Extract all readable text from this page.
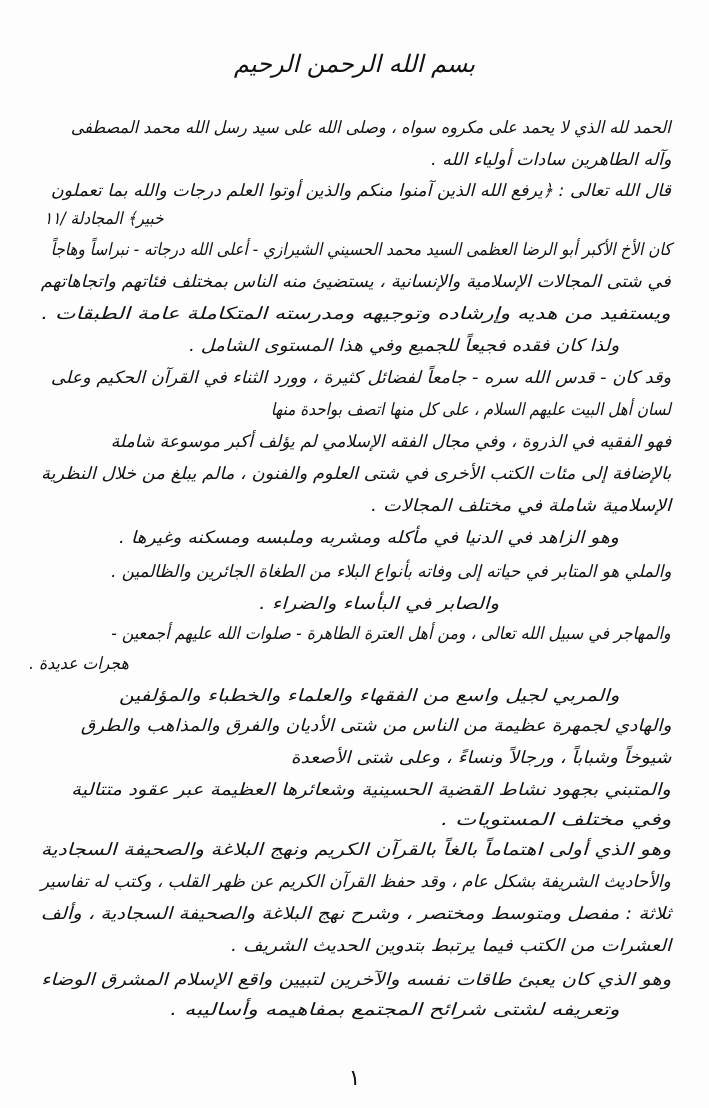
بسم الله الرحمن الرحيم
الحمد لله الذي لا يحمد على مكروه سواه ، وصلى الله على سيد رسل الله محمد المصطفى
وآله الطاهرين سادات أولياء الله .
قال الله تعالى : ﴿يرفع الله الذين آمنوا منكم والذين أوتوا العلم درجات والله بما تعملون
خبير﴾ المجادلة /١١
كان الأخ الأكبر أبو الرضا العظمى السيد محمد الحسيني الشيرازي - أعلى الله درجاته - نبراساً وهاجاً
في شتى المجالات الإسلامية والإنسانية ، يستضيئ منه الناس بمختلف فئاتهم واتجاهاتهم
ويستفيد من هديه وإرشاده وتوجيهه ومدرسته المتكاملة عامة الطبقات .
ولذا كان فقده فجيعاً للجميع وفي هذا المستوى الشامل .
وقد كان - قدس الله سره - جامعاً لفضائل كثيرة ، وورد الثناء في القرآن الحكيم وعلى
لسان أهل البيت عليهم السلام ، على كل منها اتصف بواحدة منها
فهو الفقيه في الذروة ، وفي مجال الفقه الإسلامي لم يؤلف أكبر موسوعة شاملة
بالإضافة إلى مئات الكتب الأخرى في شتى العلوم والفنون ، مالم يبلغ من خلال النظرية
الإسلامية شاملة في مختلف المجالات .
وهو الزاهد في الدنيا في مأكله ومشربه وملبسه ومسكنه وغيرها .
والملي هو المتابر في حياته إلى وفاته بأنواع البلاء من الطغاة الجائرين والظالمين .
والصابر في البأساء والضراء .
والمهاجر في سبيل الله تعالى ، ومن أهل العترة الطاهرة - صلوات الله عليهم أجمعين -
هجرات عديدة .
والمربي لجيل واسع من الفقهاء والعلماء والخطباء والمؤلفين
والهادي لجمهرة عظيمة من الناس من شتى الأديان والفرق والمذاهب والطرق
شيوخاً وشباباً ، ورجالاً ونساءً ، وعلى شتى الأصعدة
والمتبني بجهود نشاط القضية الحسينية وشعائرها العظيمة عبر عقود متتالية
وفي مختلف المستويات .
وهو الذي أولى اهتماماً بالغاً بالقرآن الكريم ونهج البلاغة والصحيفة السجادية
والأحاديث الشريفة بشكل عام ، وقد حفظ القرآن الكريم عن ظهر القلب ، وكتب له تفاسير
ثلاثة : مفصل ومتوسط ومختصر ، وشرح نهج البلاغة والصحيفة السجادية ، وألف
العشرات من الكتب فيما يرتبط بتدوين الحديث الشريف .
وهو الذي كان يعبئ طاقات نفسه والآخرين لتبيين واقع الإسلام المشرق الوضاء
وتعريفه لشتى شرائح المجتمع بمفاهيمه وأساليبه .
١
